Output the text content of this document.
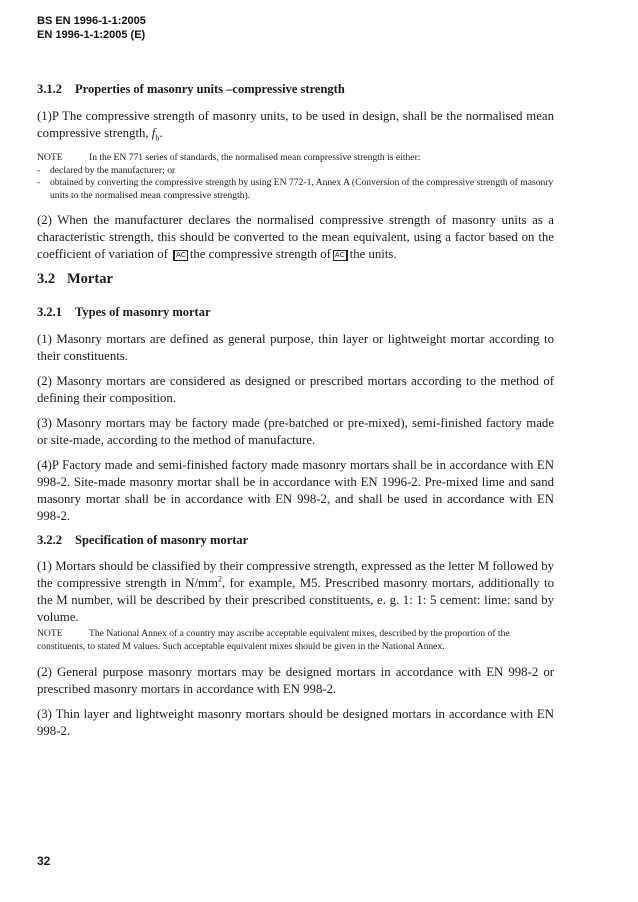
BS EN 1996-1-1:2005
EN 1996-1-1:2005 (E)
3.1.2 Properties of masonry units –compressive strength

(1)P The compressive strength of masonry units, to be used in design, shall be the normalised mean compressive strength, $f_b$.

NOTE	In the EN 771 series of standards, the normalised mean compressive strength is either:

- declared by the manufacturer; or
- obtained by converting the compressive strength by using EN 772-1, Annex A (Conversion of the compressive strength of masonry units to the normalised mean compressive strength).

(2) When the manufacturer declares the normalised compressive strength of masonry units as a characteristic strength, this should be converted to the mean equivalent, using a factor based on the coefficient of variation of AC the compressive strength of AC the units.

3.2 Mortar
3.2.1 Types of masonry mortar

(1) Masonry mortars are defined as general purpose, thin layer or lightweight mortar according to their constituents.

(2) Masonry mortars are considered as designed or prescribed mortars according to the method of defining their composition.

(3) Masonry mortars may be factory made (pre-batched or pre-mixed), semi-finished factory made or site-made, according to the method of manufacture.

(4)P Factory made and semi-finished factory made masonry mortars shall be in accordance with EN 998-2. Site-made masonry mortar shall be in accordance with EN 1996-2. Pre-mixed lime and sand masonry mortar shall be in accordance with EN 998-2, and shall be used in accordance with EN 998-2.

3.2.2 Specification of masonry mortar

(1) Mortars should be classified by their compressive strength, expressed as the letter M followed by the compressive strength in $N/mm^2$, for example, M5. Prescribed masonry mortars, additionally to the M number, will be described by their prescribed constituents, e. g. 1: 1: 5 cement: lime: sand by volume.

NOTE	The National Annex of a country may ascribe acceptable equivalent mixes, described by the proportion of the constituents, to stated M values. Such acceptable equivalent mixes should be given in the National Annex.

(2) General purpose masonry mortars may be designed mortars in accordance with EN 998-2 or prescribed masonry mortars in accordance with EN 998-2.

(3) Thin layer and lightweight masonry mortars should be designed mortars in accordance with EN 998-2.

32
